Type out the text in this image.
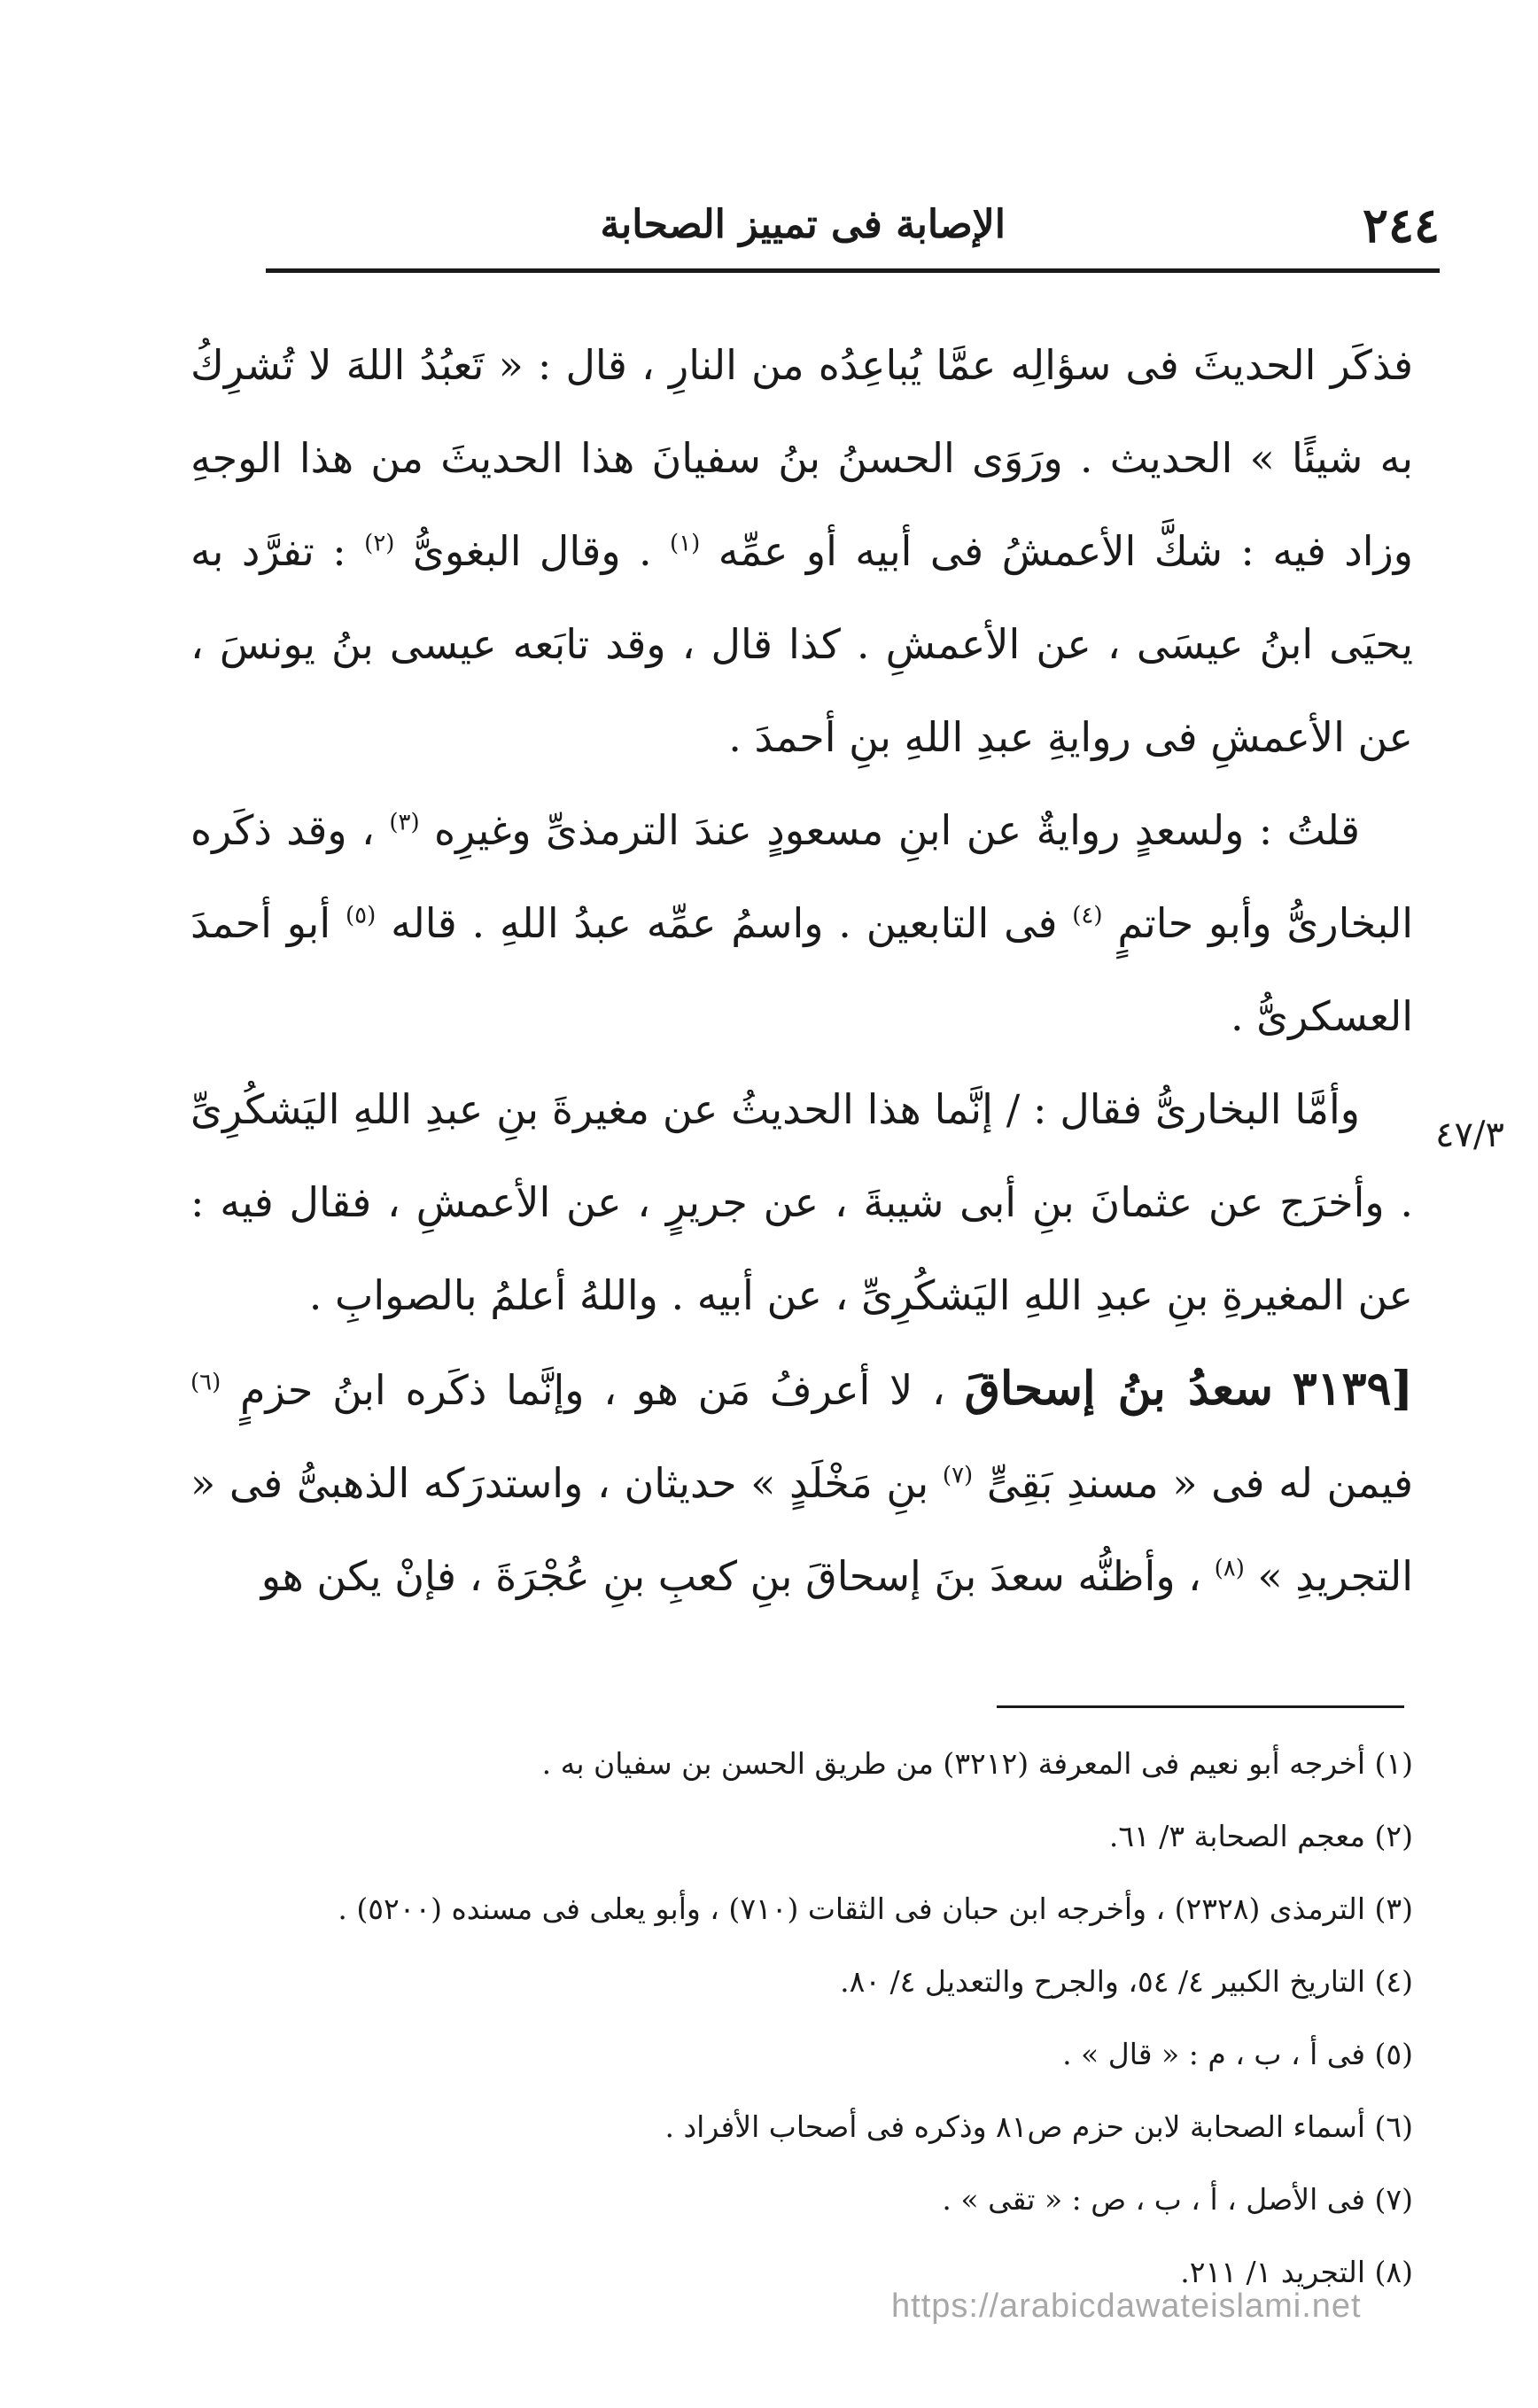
٢٤٤
الإصابة فى تمييز الصحابة
٤٧/٣

فذكَر الحديثَ فى سؤالِه عمَّا يُباعِدُه من النارِ ، قال : « تَعبُدُ اللهَ لا تُشرِكُ به شيئًا » الحديث . ورَوَى الحسنُ بنُ سفيانَ هذا الحديثَ من هذا الوجهِ وزاد فيه : شكَّ الأعمشُ فى أبيه أو عمِّه $^{(١)}$ . وقال البغوىُّ $^{(٢)}$ : تفرَّد به يحيَى ابنُ عيسَى ، عن الأعمشِ . كذا قال ، وقد تابَعه عيسى بنُ يونسَ ، عن الأعمشِ فى روايةِ عبدِ اللهِ بنِ أحمدَ .

قلتُ : ولسعدٍ روايةٌ عن ابنِ مسعودٍ عندَ الترمذىِّ وغيرِه $^{(٣)}$ ، وقد ذكَره البخارىُّ وأبو حاتمٍ $^{(٤)}$ فى التابعين . واسمُ عمِّه عبدُ اللهِ . قاله $^{(٥)}$ أبو أحمدَ العسكرىُّ .

وأمَّا البخارىُّ فقال : / إنَّما هذا الحديثُ عن مغيرةَ بنِ عبدِ اللهِ اليَشكُرِىِّ . وأخرَج عن عثمانَ بنِ أبى شيبةَ ، عن جريرٍ ، عن الأعمشِ ، فقال فيه : عن المغيرةِ بنِ عبدِ اللهِ اليَشكُرِىِّ ، عن أبيه . واللهُ أعلمُ بالصوابِ .

[٣١٣٩ سعدُ بنُ إسحاقَ ، لا أعرفُ مَن هو ، وإنَّما ذكَره ابنُ حزمٍ $^{(٦)}$ فيمن له فى « مسندِ بَقِىٍّ $^{(٧)}$ بنِ مَخْلَدٍ » حديثان ، واستدرَكه الذهبىُّ فى « التجريدِ » $^{(٨)}$ ، وأظنُّه سعدَ بنَ إسحاقَ بنِ كعبِ بنِ عُجْرَةَ ، فإنْ يكن هو

(١) أخرجه أبو نعيم فى المعرفة (٣٢١٢) من طريق الحسن بن سفيان به .

(٢) معجم الصحابة ٣/ ٦١.

(٣) الترمذى (٢٣٢٨) ، وأخرجه ابن حبان فى الثقات (٧١٠) ، وأبو يعلى فى مسنده (٥٢٠٠) .

(٤) التاريخ الكبير ٤/ ٥٤، والجرح والتعديل ٤/ ٨٠.

(٥) فى أ ، ب ، م : « قال » .

(٦) أسماء الصحابة لابن حزم ص٨١ وذكره فى أصحاب الأفراد .

(٧) فى الأصل ، أ ، ب ، ص : « تقى » .

(٨) التجريد ١/ ٢١١.

https://arabicdawateislami.net
